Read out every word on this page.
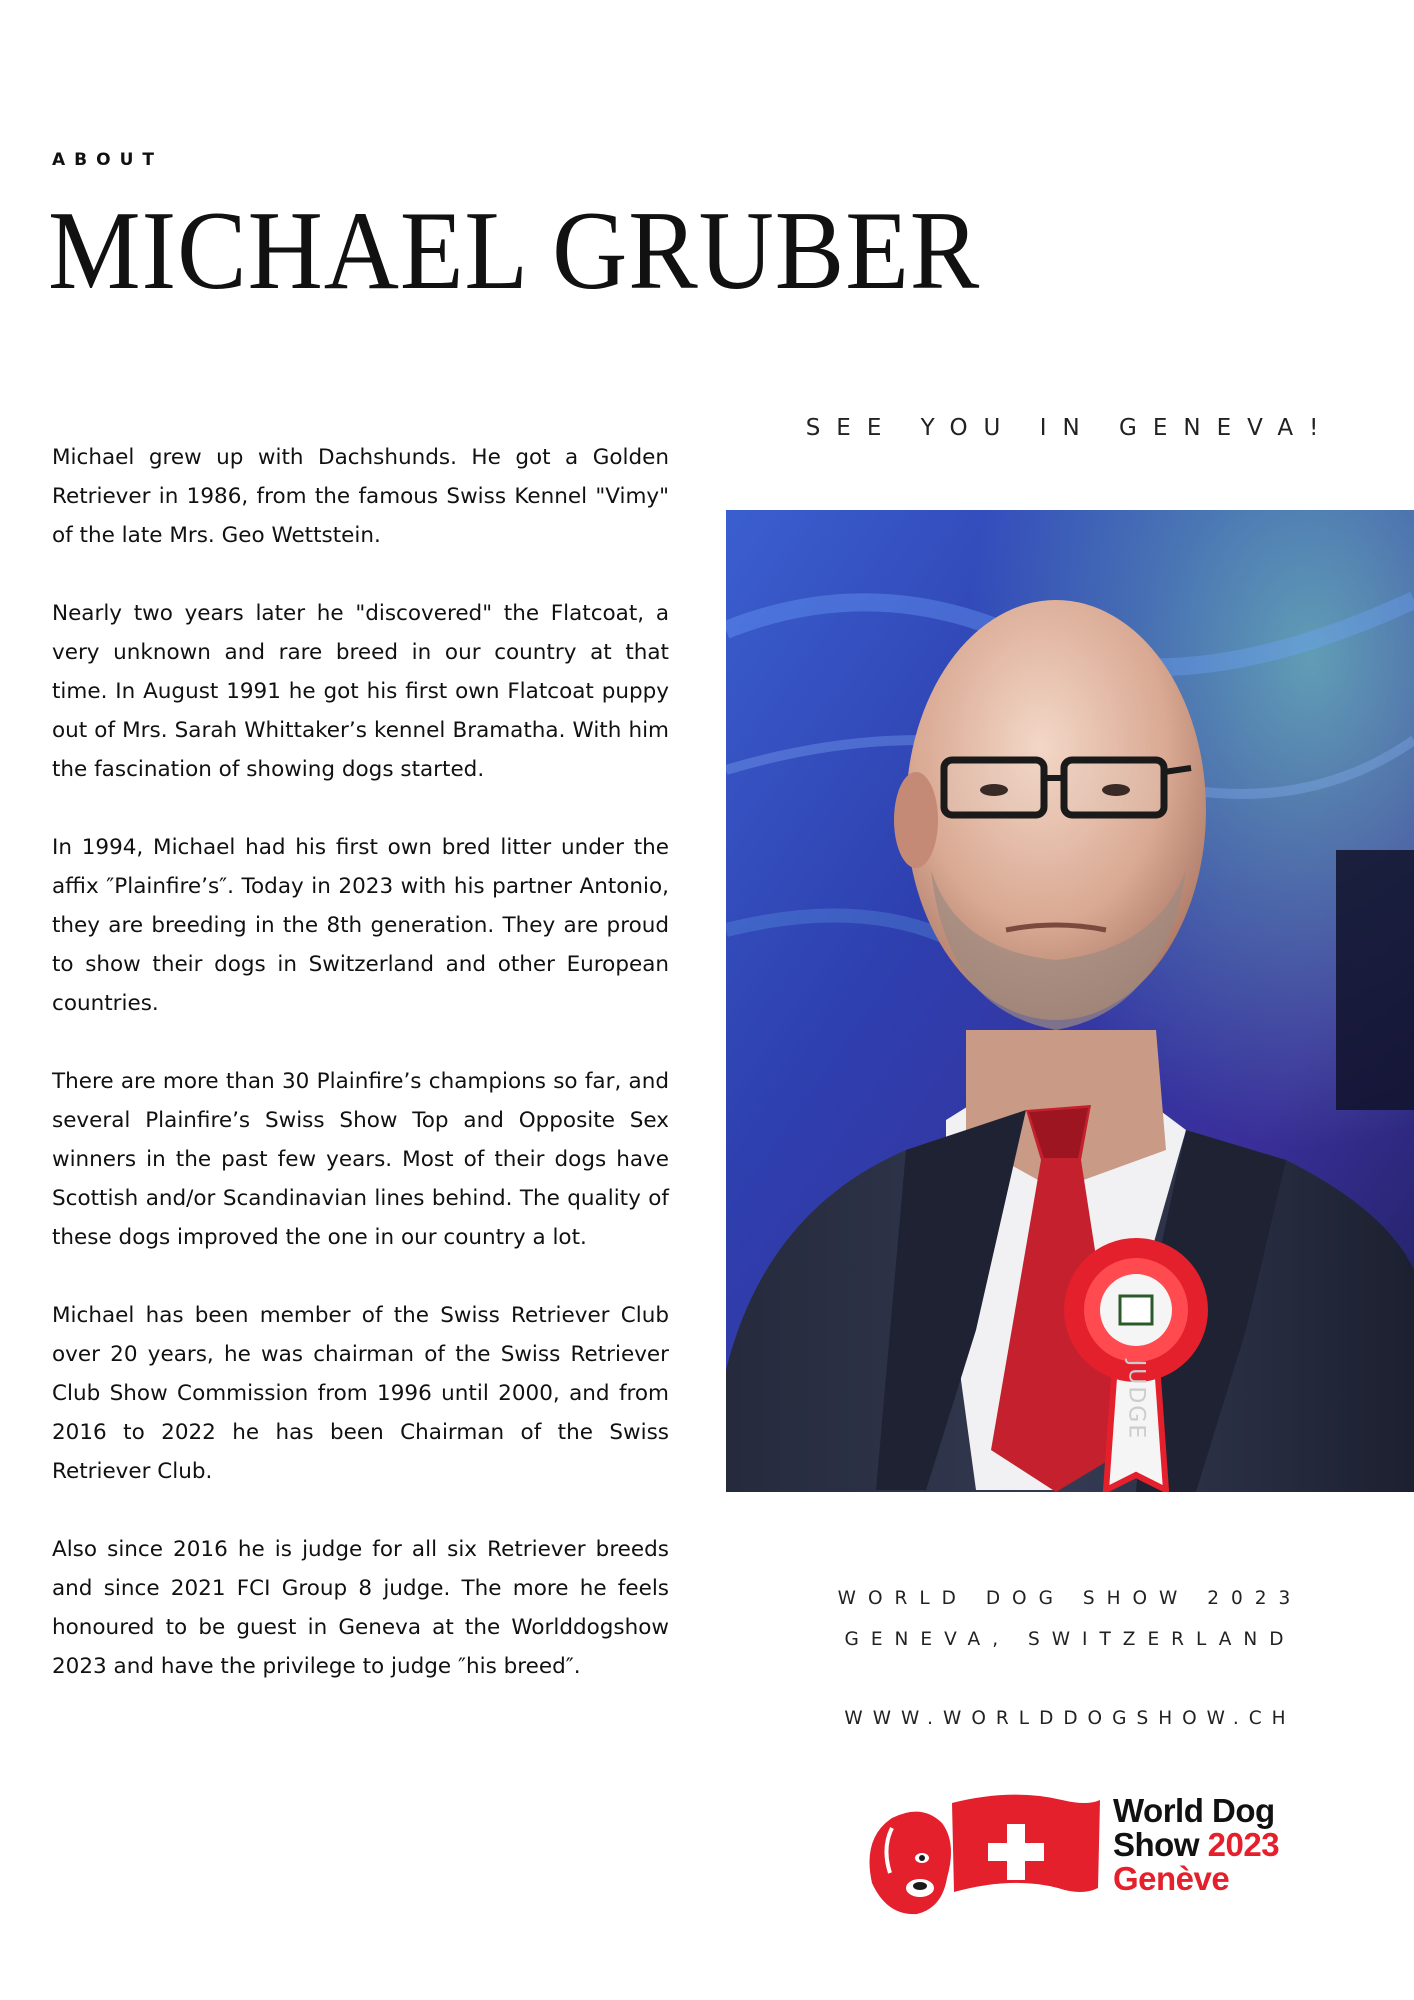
ABOUT
MICHAEL GRUBER

Michael grew up with Dachshunds. He got a Golden Retriever in 1986, from the famous Swiss Kennel "Vimy" of the late Mrs. Geo Wettstein.

Nearly two years later he "discovered" the Flatcoat, a very unknown and rare breed in our country at that time. In August 1991 he got his first own Flatcoat puppy out of Mrs. Sarah Whittaker’s kennel Bramatha. With him the fascination of showing dogs started.

In 1994, Michael had his first own bred litter under the affix ″Plainfire’s″. Today in 2023 with his partner Antonio, they are breeding in the 8th generation. They are proud to show their dogs in Switzerland and other European countries.

There are more than 30 Plainfire’s champions so far, and several Plainfire’s Swiss Show Top and Opposite Sex winners in the past few years. Most of their dogs have Scottish and/or Scandinavian lines behind. The quality of these dogs improved the one in our country a lot.

Michael has been member of the Swiss Retriever Club over 20 years, he was chairman of the Swiss Retriever Club Show Commission from 1996 until 2000, and from 2016 to 2022 he has been Chairman of the Swiss Retriever Club.

Also since 2016 he is judge for all six Retriever breeds and since 2021 FCI Group 8 judge. The more he feels honoured to be guest in Geneva at the Worlddogshow 2023 and have the privilege to judge ″his breed″.

SEE YOU IN GENEVA!
JUDGE
WORLD DOG SHOW 2023
GENEVA, SWITZERLAND
WWW.WORLDDOGSHOW.CH
World Dog
Show 2023
Genève
